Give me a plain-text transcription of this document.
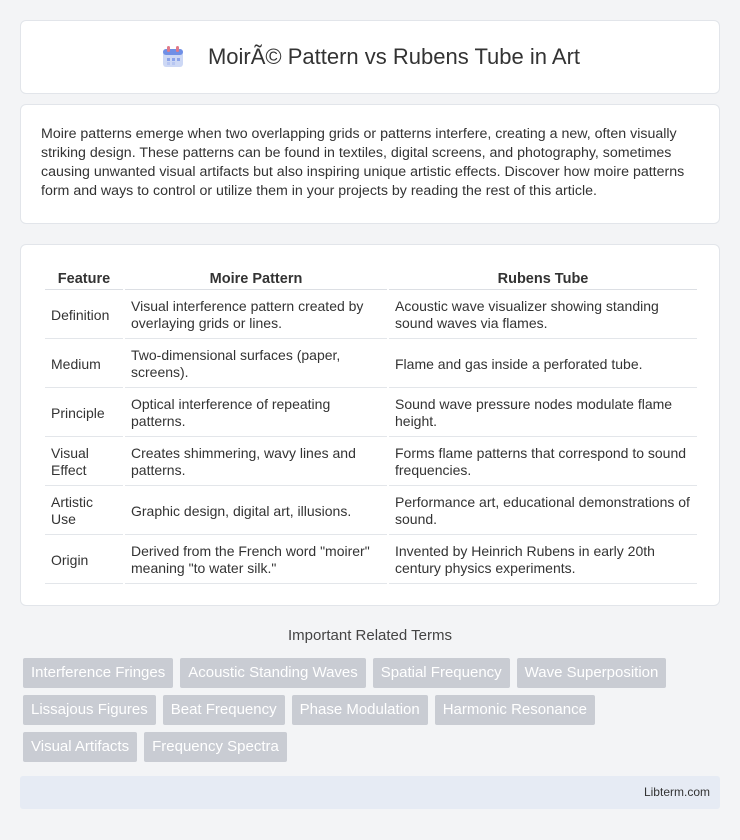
MoirÃ© Pattern vs Rubens Tube in Art

Moire patterns emerge when two overlapping grids or patterns interfere, creating a new, often visually striking design. These patterns can be found in textiles, digital screens, and photography, sometimes causing unwanted visual artifacts but also inspiring unique artistic effects. Discover how moire patterns form and ways to control or utilize them in your projects by reading the rest of this article.

Feature	Moire Pattern	Rubens Tube
Definition	Visual interference pattern created by overlaying grids or lines.	Acoustic wave visualizer showing standing sound waves via flames.
Medium	Two-dimensional surfaces (paper, screens).	Flame and gas inside a perforated tube.
Principle	Optical interference of repeating patterns.	Sound wave pressure nodes modulate flame height.
Visual Effect	Creates shimmering, wavy lines and patterns.	Forms flame patterns that correspond to sound frequencies.
Artistic Use	Graphic design, digital art, illusions.	Performance art, educational demonstrations of sound.
Origin	Derived from the French word "moirer" meaning "to water silk."	Invented by Heinrich Rubens in early 20th century physics experiments.
Important Related Terms
Interference Fringes	Acoustic Standing Waves	Spatial Frequency	Wave Superposition
Lissajous Figures	Beat Frequency	Phase Modulation	Harmonic Resonance
Visual Artifacts	Frequency Spectra
Libterm.com
